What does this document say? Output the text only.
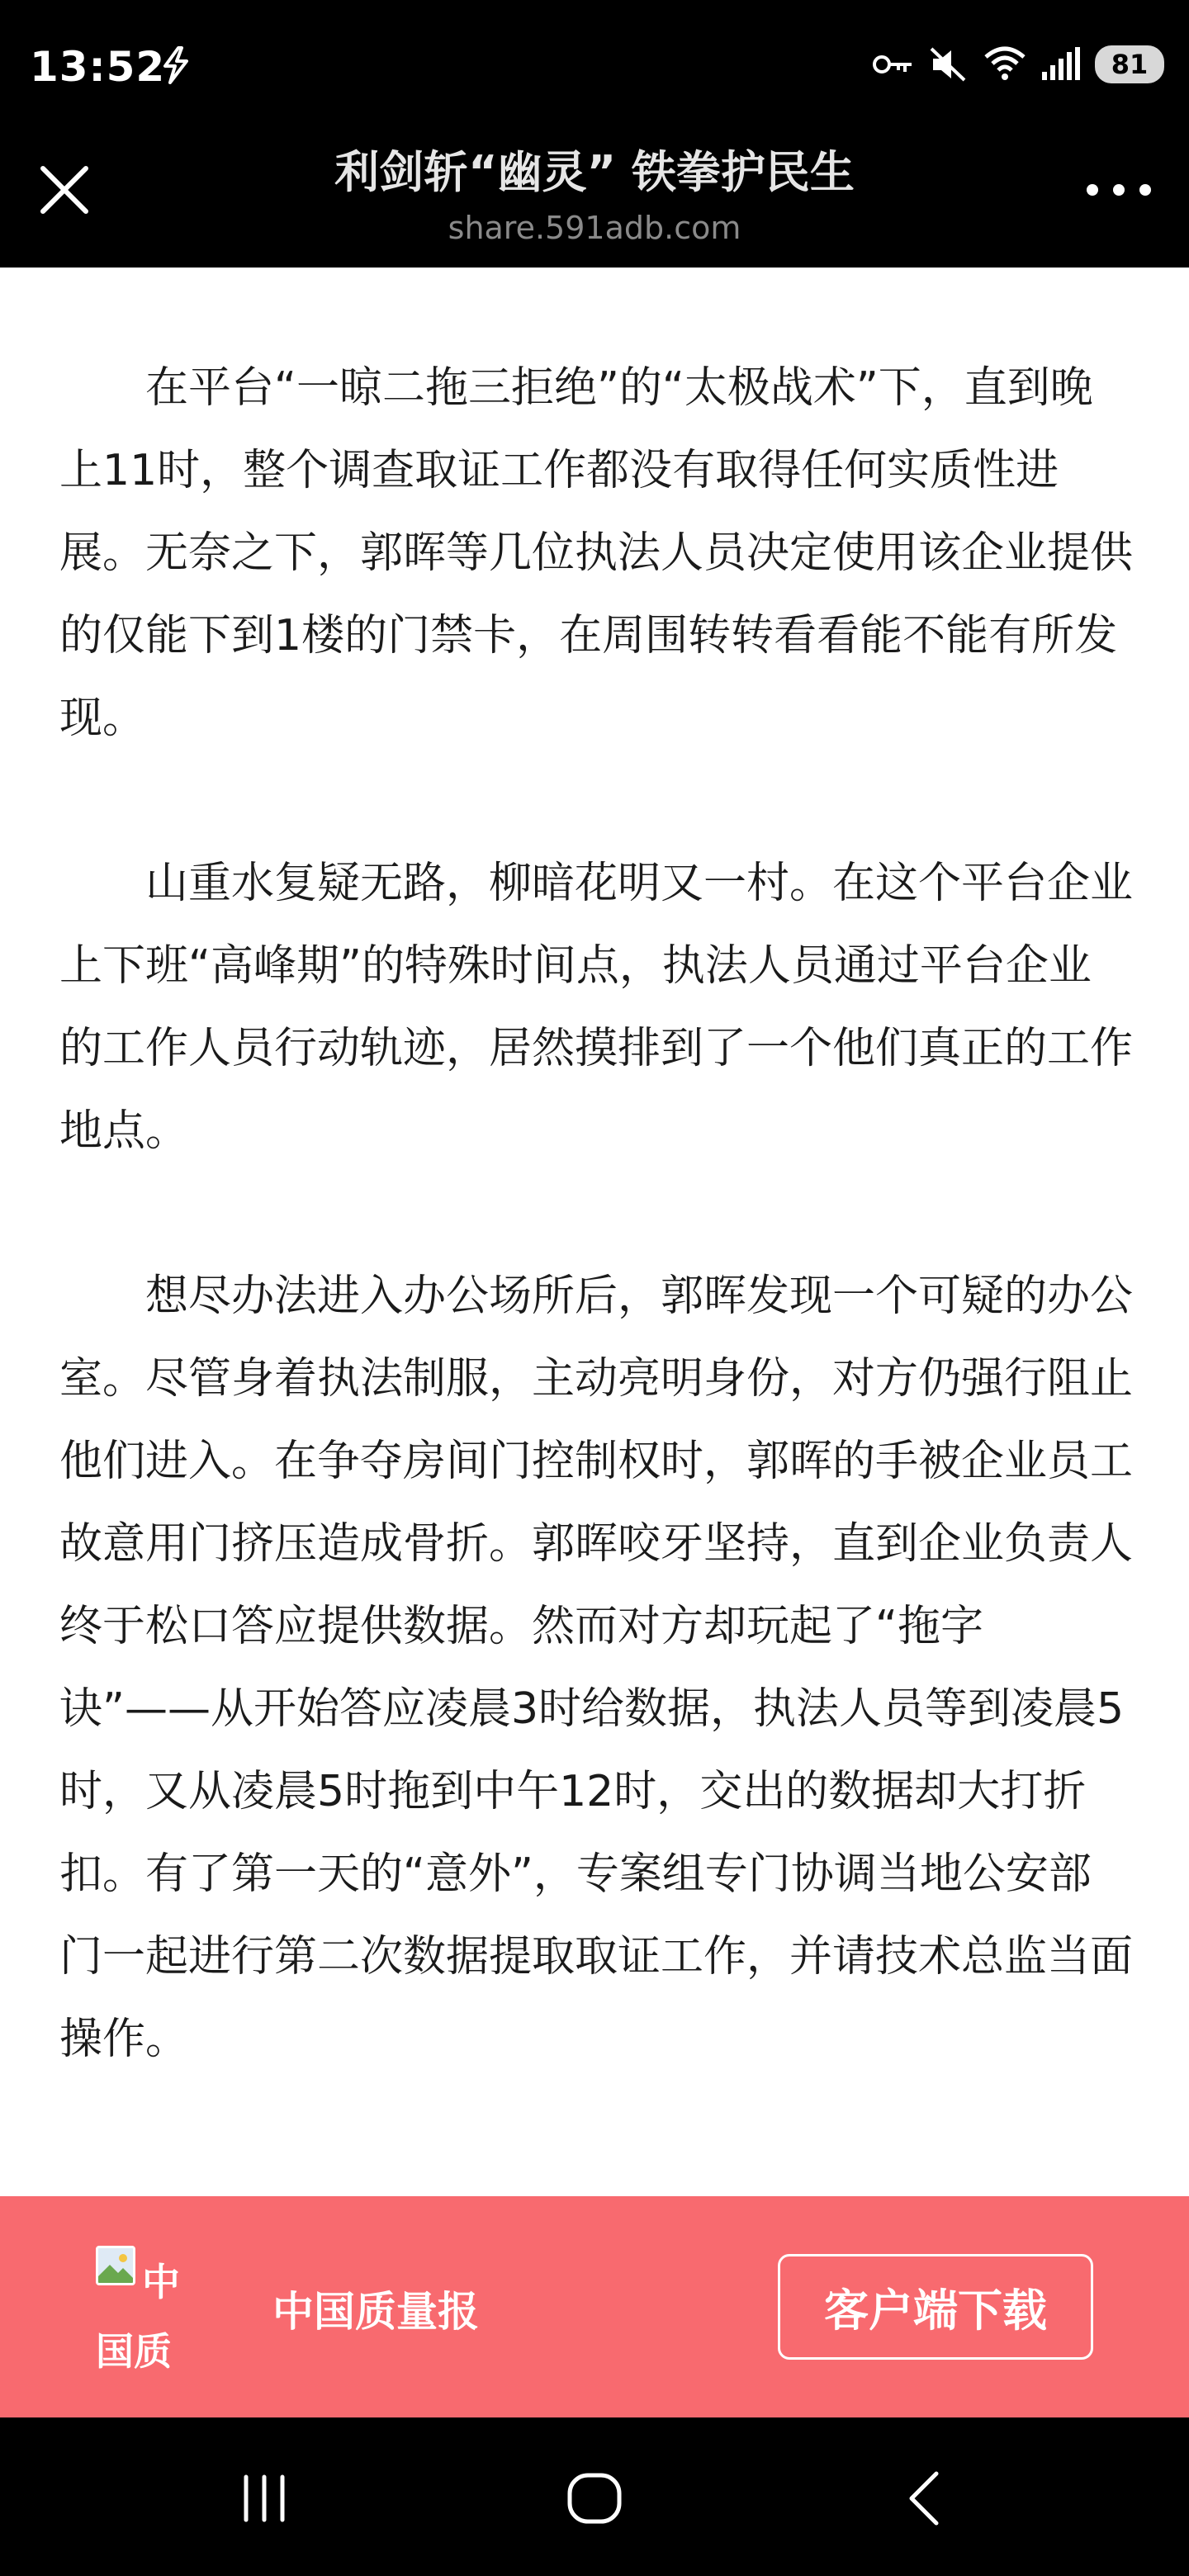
13:52	81
利剑斩“幽灵” 铁拳护民生
share.591adb.com

在平台“一晾二拖三拒绝”的“太极战术”下，直到晚上11时，整个调查取证工作都没有取得任何实质性进展。无奈之下，郭晖等几位执法人员决定使用该企业提供的仅能下到1楼的门禁卡，在周围转转看看能不能有所发现。

山重水复疑无路，柳暗花明又一村。在这个平台企业上下班“高峰期”的特殊时间点，执法人员通过平台企业的工作人员行动轨迹，居然摸排到了一个他们真正的工作地点。

想尽办法进入办公场所后，郭晖发现一个可疑的办公室。尽管身着执法制服，主动亮明身份，对方仍强行阻止他们进入。在争夺房间门控制权时，郭晖的手被企业员工故意用门挤压造成骨折。郭晖咬牙坚持，直到企业负责人终于松口答应提供数据。然而对方却玩起了“拖字诀”——从开始答应凌晨3时给数据，执法人员等到凌晨5时，又从凌晨5时拖到中午12时，交出的数据却大打折扣。有了第一天的“意外”，专案组专门协调当地公安部门一起进行第二次数据提取取证工作，并请技术总监当面操作。

中国质
中国质量报	客户端下载
